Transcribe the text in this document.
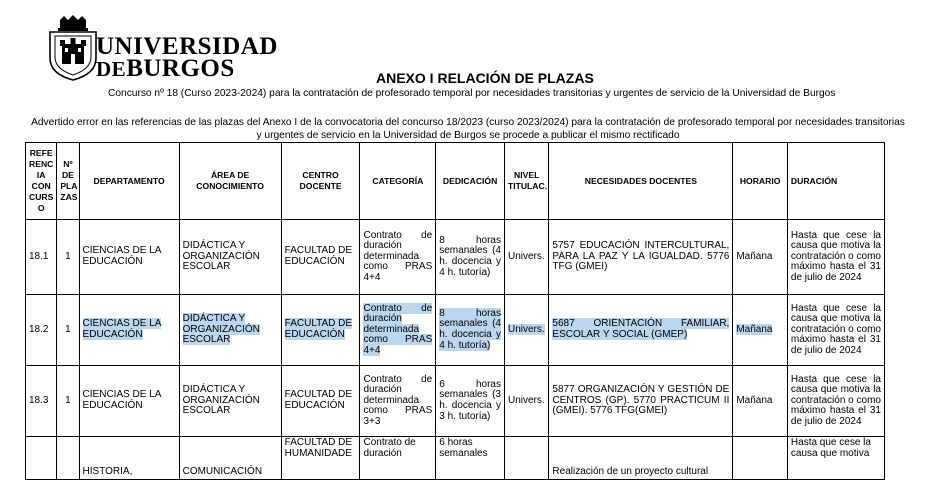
UNIVERSIDAD
DEBURGOS	ANEXO I RELACIÓN DE PLAZAS
Concurso nº 18 (Curso 2023-2024) para la contratación de profesorado temporal por necesidades transitorias y urgentes de servicio de la Universidad de Burgos
Advertido error en las referencias de las plazas del Anexo I de la convocatoria del concurso 18/2023 (curso 2023/2024) para la contratación de profesorado temporal por necesidades transitorias y urgentes de servicio en la Universidad de Burgos se procede a publicar el mismo rectificado
REFE RENC IA CON CURS O	Nº DE PLA ZAS	DEPARTAMENTO	ÁREA DE CONOCIMIENTO	CENTRO DOCENTE	CATEGORÍA	DEDICACIÓN	NIVEL TITULAC.	NECESIDADES DOCENTES	HORARIO	DURACIÓN
18.1	1	CIENCIAS DE LA EDUCACIÓN	DIDÁCTICA Y ORGANIZACIÓN ESCOLAR	FACULTAD DE EDUCACIÓN	Contrato de duración determinada como PRAS 4+4	8 horas semanales (4 h. docencia y 4 h. tutoría)	Univers.	5757 EDUCACIÓN INTERCULTURAL, PARA LA PAZ Y LA IGUALDAD. 5776 TFG (GMEI)	Mañana	Hasta que cese la causa que motiva la contratación o como máximo hasta el 31 de julio de 2024
18.2	1	CIENCIAS DE LA EDUCACIÓN	DIDÁCTICA Y ORGANIZACIÓN ESCOLAR	FACULTAD DE EDUCACIÓN	Contrato de duración determinada como PRAS 4+4	8 horas semanales (4 h. docencia y 4 h. tutoría)	Univers.	5687 ORIENTACIÓN FAMILIAR, ESCOLAR Y SOCIAL (GMEP)	Mañana	Hasta que cese la causa que motiva la contratación o como máximo hasta el 31 de julio de 2024
18.3	1	CIENCIAS DE LA EDUCACIÓN	DIDÁCTICA Y ORGANIZACIÓN ESCOLAR	FACULTAD DE EDUCACIÓN	Contrato de duración determinada como PRAS 3+3	6 horas semanales (3 h. docencia y 3 h. tutoría)	Univers.	5877 ORGANIZACIÓN Y GESTIÓN DE CENTROS (GP). 5770 PRACTICUM II (GMEI). 5776 TFG(GMEI)	Mañana	Hasta que cese la causa que motiva la contratación o como máximo hasta el 31 de julio de 2024
		HISTORIA,	COMUNICACIÓN	FACULTAD DE HUMANIDADE	Contrato de duración	6 horas semanales		Realización de un proyecto cultural		Hasta que cese la causa que motiva
